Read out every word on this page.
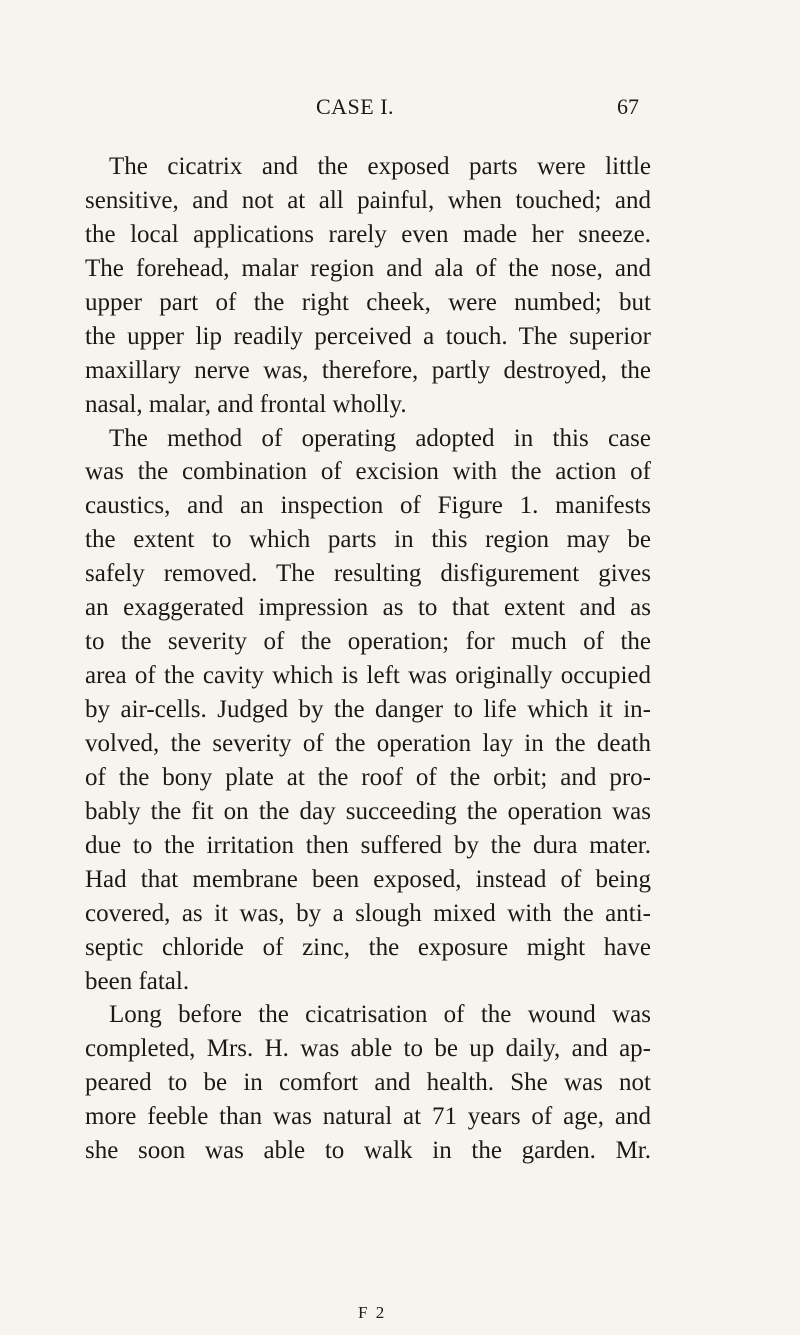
CASE I.	67
The cicatrix and the exposed parts were little
sensitive, and not at all painful, when touched; and
the local applications rarely even made her sneeze.
The forehead, malar region and ala of the nose, and
upper part of the right cheek, were numbed; but
the upper lip readily perceived a touch. The superior
maxillary nerve was, therefore, partly destroyed, the
nasal, malar, and frontal wholly.
The method of operating adopted in this case
was the combination of excision with the action of
caustics, and an inspection of Figure 1. manifests
the extent to which parts in this region may be
safely removed. The resulting disfigurement gives
an exaggerated impression as to that extent and as
to the severity of the operation; for much of the
area of the cavity which is left was originally occupied
by air-cells. Judged by the danger to life which it in-
volved, the severity of the operation lay in the death
of the bony plate at the roof of the orbit; and pro-
bably the fit on the day succeeding the operation was
due to the irritation then suffered by the dura mater.
Had that membrane been exposed, instead of being
covered, as it was, by a slough mixed with the anti-
septic chloride of zinc, the exposure might have
been fatal.
Long before the cicatrisation of the wound was
completed, Mrs. H. was able to be up daily, and ap-
peared to be in comfort and health. She was not
more feeble than was natural at 71 years of age, and
she soon was able to walk in the garden. Mr.
F 2
